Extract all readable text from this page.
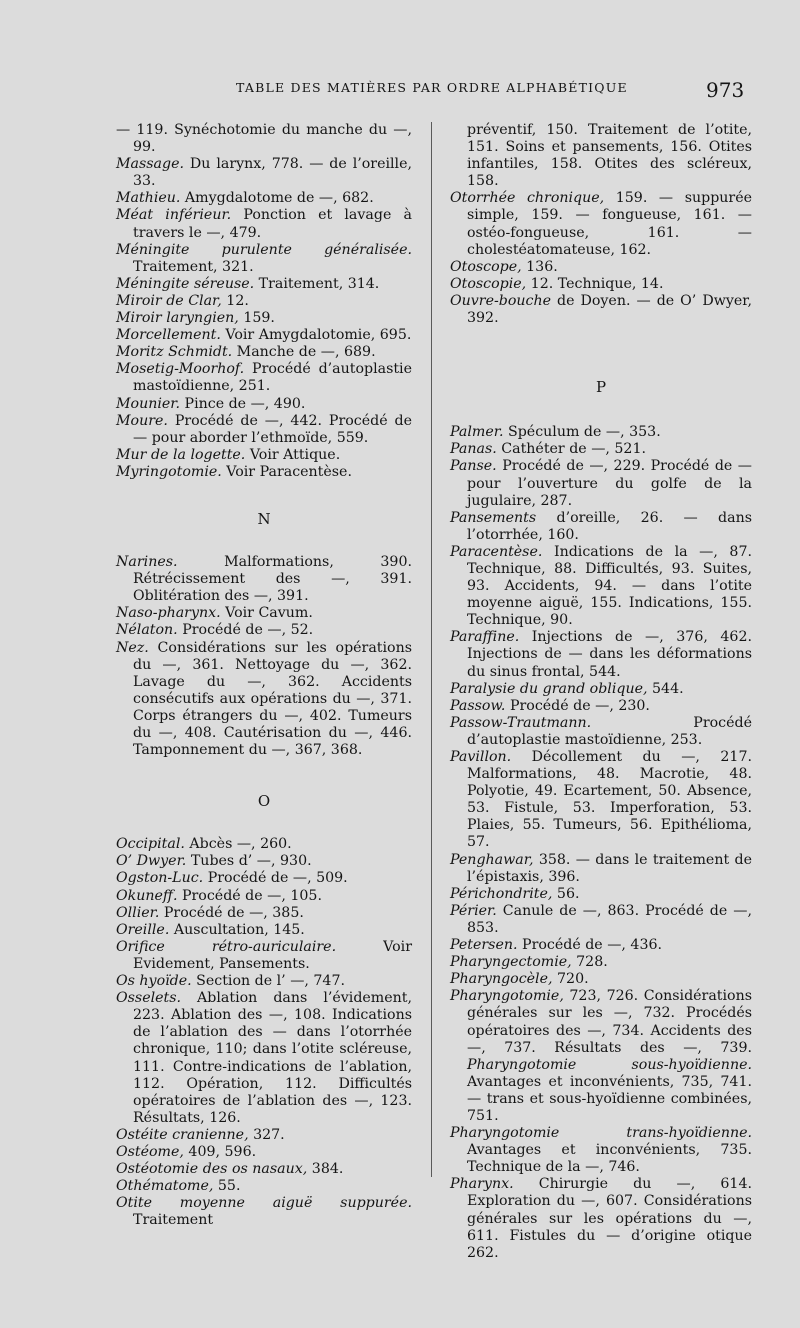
TABLE DES MATIÈRES PAR ORDRE ALPHABÉTIQUE	973
— 119. Synéchotomie du manche du —, 99.
Massage. Du larynx, 778. — de l’oreille, 33.
Mathieu. Amygdalotome de —, 682.
Méat inférieur. Ponction et lavage à travers le —, 479.
Méningite purulente généralisée. Traitement, 321.
Méningite séreuse. Traitement, 314.
Miroir de Clar, 12.
Miroir laryngien, 159.
Morcellement. Voir Amygdalotomie, 695.
Moritz Schmidt. Manche de —, 689.
Mosetig-Moorhof. Procédé d’autoplastie mastoïdienne, 251.
Mounier. Pince de —, 490.
Moure. Procédé de —, 442. Procédé de — pour aborder l’ethmoïde, 559.
Mur de la logette. Voir Attique.
Myringotomie. Voir Paracentèse.
N
Narines. Malformations, 390. Rétrécissement des —, 391. Oblitération des —, 391.
Naso-pharynx. Voir Cavum.
Nélaton. Procédé de —, 52.
Nez. Considérations sur les opérations du —, 361. Nettoyage du —, 362. Lavage du —, 362. Accidents consécutifs aux opérations du —, 371. Corps étrangers du —, 402. Tumeurs du —, 408. Cautérisation du —, 446. Tamponnement du —, 367, 368.
O
Occipital. Abcès —, 260.
O’ Dwyer. Tubes d’ —, 930.
Ogston-Luc. Procédé de —, 509.
Okuneff. Procédé de —, 105.
Ollier. Procédé de —, 385.
Oreille. Auscultation, 145.
Orifice rétro-auriculaire. Voir Evidement, Pansements.
Os hyoïde. Section de l’ —, 747.
Osselets. Ablation dans l’évidement, 223. Ablation des —, 108. Indications de l’ablation des — dans l’otorrhée chronique, 110; dans l’otite scléreuse, 111. Contre-indications de l’ablation, 112. Opération, 112. Difficultés opératoires de l’ablation des —, 123. Résultats, 126.
Ostéite cranienne, 327.
Ostéome, 409, 596.
Ostéotomie des os nasaux, 384.
Othématome, 55.
Otite moyenne aiguë suppurée. Traitement
préventif, 150. Traitement de l’otite, 151. Soins et pansements, 156. Otites infantiles, 158. Otites des scléreux, 158.
Otorrhée chronique, 159. — suppurée simple, 159. — fongueuse, 161. — ostéo-fongueuse, 161. — cholestéatomateuse, 162.
Otoscope, 136.
Otoscopie, 12. Technique, 14.
Ouvre-bouche de Doyen. — de O’ Dwyer, 392.
P
Palmer. Spéculum de —, 353.
Panas. Cathéter de —, 521.
Panse. Procédé de —, 229. Procédé de — pour l’ouverture du golfe de la jugulaire, 287.
Pansements d’oreille, 26. — dans l’otorrhée, 160.
Paracentèse. Indications de la —, 87. Technique, 88. Difficultés, 93. Suites, 93. Accidents, 94. — dans l’otite moyenne aiguë, 155. Indications, 155. Technique, 90.
Paraffine. Injections de —, 376, 462. Injections de — dans les déformations du sinus frontal, 544.
Paralysie du grand oblique, 544.
Passow. Procédé de —, 230.
Passow-Trautmann. Procédé d’autoplastie mastoïdienne, 253.
Pavillon. Décollement du —, 217. Malformations, 48. Macrotie, 48. Polyotie, 49. Ecartement, 50. Absence, 53. Fistule, 53. Imperforation, 53. Plaies, 55. Tumeurs, 56. Epithélioma, 57.
Penghawar, 358. — dans le traitement de l’épistaxis, 396.
Périchondrite, 56.
Périer. Canule de —, 863. Procédé de —, 853.
Petersen. Procédé de —, 436.
Pharyngectomie, 728.
Pharyngocèle, 720.
Pharyngotomie, 723, 726. Considérations générales sur les —, 732. Procédés opératoires des —, 734. Accidents des —, 737. Résultats des —, 739. Pharyngotomie sous-hyoïdienne. Avantages et inconvénients, 735, 741. — trans et sous-hyoïdienne combinées, 751.
Pharyngotomie trans-hyoïdienne. Avantages et inconvénients, 735. Technique de la —, 746.
Pharynx. Chirurgie du —, 614. Exploration du —, 607. Considérations générales sur les opérations du —, 611. Fistules du — d’origine otique 262.
